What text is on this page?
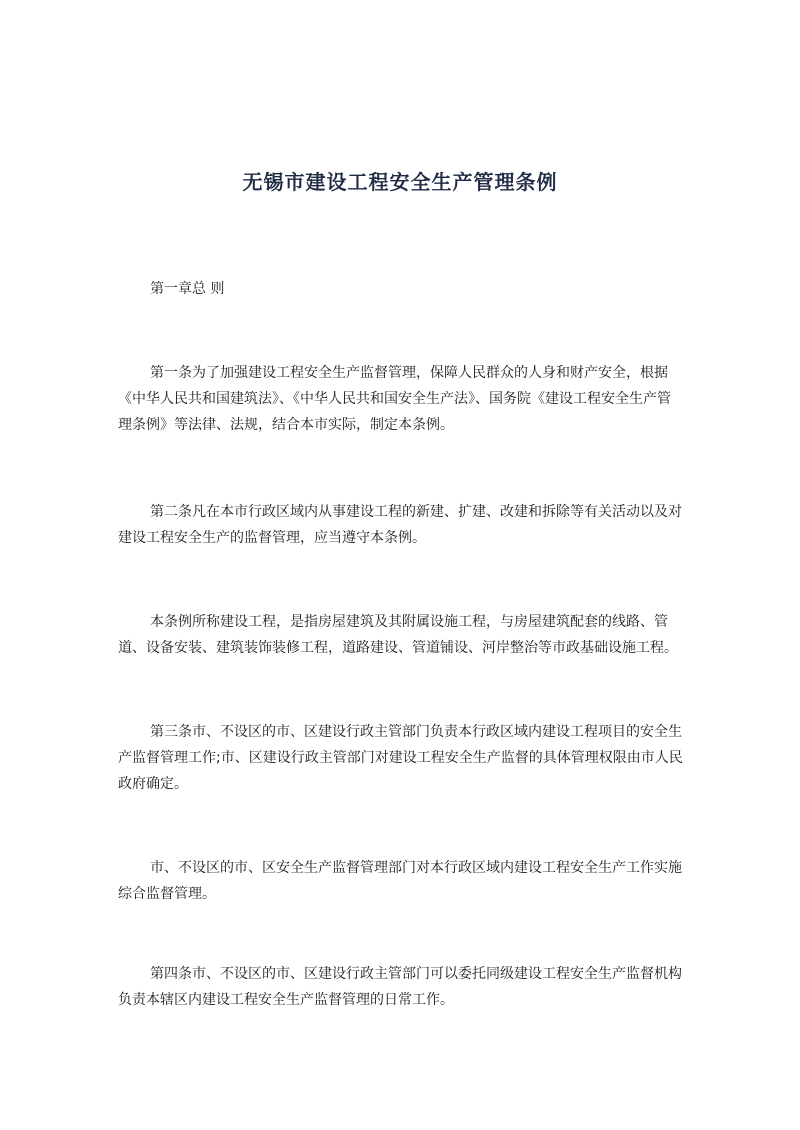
无锡市建设工程安全生产管理条例

第一章总 则

第一条为了加强建设工程安全生产监督管理，保障人民群众的人身和财产安全，根据《中华人民共和国建筑法》、《中华人民共和国安全生产法》、国务院《建设工程安全生产管理条例》等法律、法规，结合本市实际，制定本条例。

第二条凡在本市行政区域内从事建设工程的新建、扩建、改建和拆除等有关活动以及对建设工程安全生产的监督管理，应当遵守本条例。

本条例所称建设工程，是指房屋建筑及其附属设施工程，与房屋建筑配套的线路、管道、设备安装、建筑装饰装修工程，道路建设、管道铺设、河岸整治等市政基础设施工程。

第三条市、不设区的市、区建设行政主管部门负责本行政区域内建设工程项目的安全生产监督管理工作;市、区建设行政主管部门对建设工程安全生产监督的具体管理权限由市人民政府确定。

市、不设区的市、区安全生产监督管理部门对本行政区域内建设工程安全生产工作实施综合监督管理。

第四条市、不设区的市、区建设行政主管部门可以委托同级建设工程安全生产监督机构负责本辖区内建设工程安全生产监督管理的日常工作。
